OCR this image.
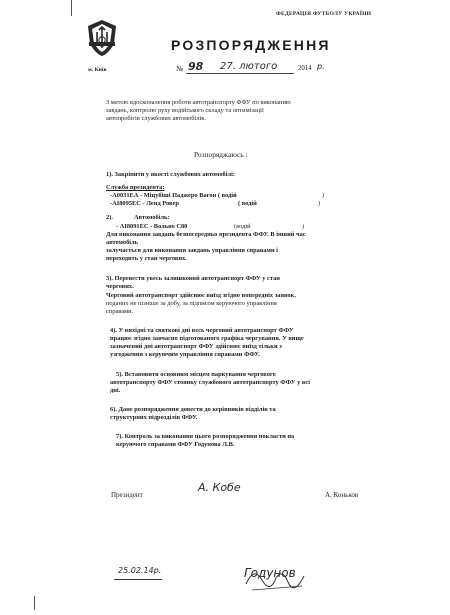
ФЕДЕРАЦІЯ ФУТБОЛУ УКРАЇНИ
РОЗПОРЯДЖЕННЯ
м. Київ	№ 98 27. лютого	2014 р.
З метою вдосконалення роботи автотранспорту ФФУ по виконанню
завдань, контролю руху водійського складу та оптимізації
автопробігів службових автомобілів.
Розпоряджаюсь :
1). Закріпити у якості службових автомобілі:
Служба президента:
-А0031ЕА - Міцубіші Паджеро Вагон ( водій	)
-АІ8095ЕС - Ленд Ровер	( водій	)
2).	Автомобіль:
- АІ8091ЕС - Вольво С80	(водій	)
Для виконання завдань безпосередньо президента ФФУ. В інший час
автомобіль
залучається для виконання завдань управління справами і
переходить у стан чергових.
3). Перевести увесь залишковий автотранспорт ФФУ у стан
чергових.
Черговий автотранспорт здійснює виїзд згідно попередніх заявок,
поданих не пізніше за добу, за підписом керуючого управління
справами.
4). У вихідні та святкові дні весь черговий автотранспорт ФФУ
працює згідно завчасно підготованого графіка чергування. У вище
зазначений дні автотранспорт ФФУ здійснює виїзд тільки з
узгодження з керуючим управління справами ФФУ.
5). Встановити основним місцем паркування чергового
автотранспорту ФФУ стоянку службового автотранспорту ФФУ у всі
дні.
6). Дане розпорядження довести до керівників відділів та
структурних підрозділів ФФУ.
7). Контроль за виконання цього розпорядження покласти на
керуючого справами ФФУ Годунова Л.В.
Президент
А. Кобе
А. Коньков
25.02.14р.	Годунов
